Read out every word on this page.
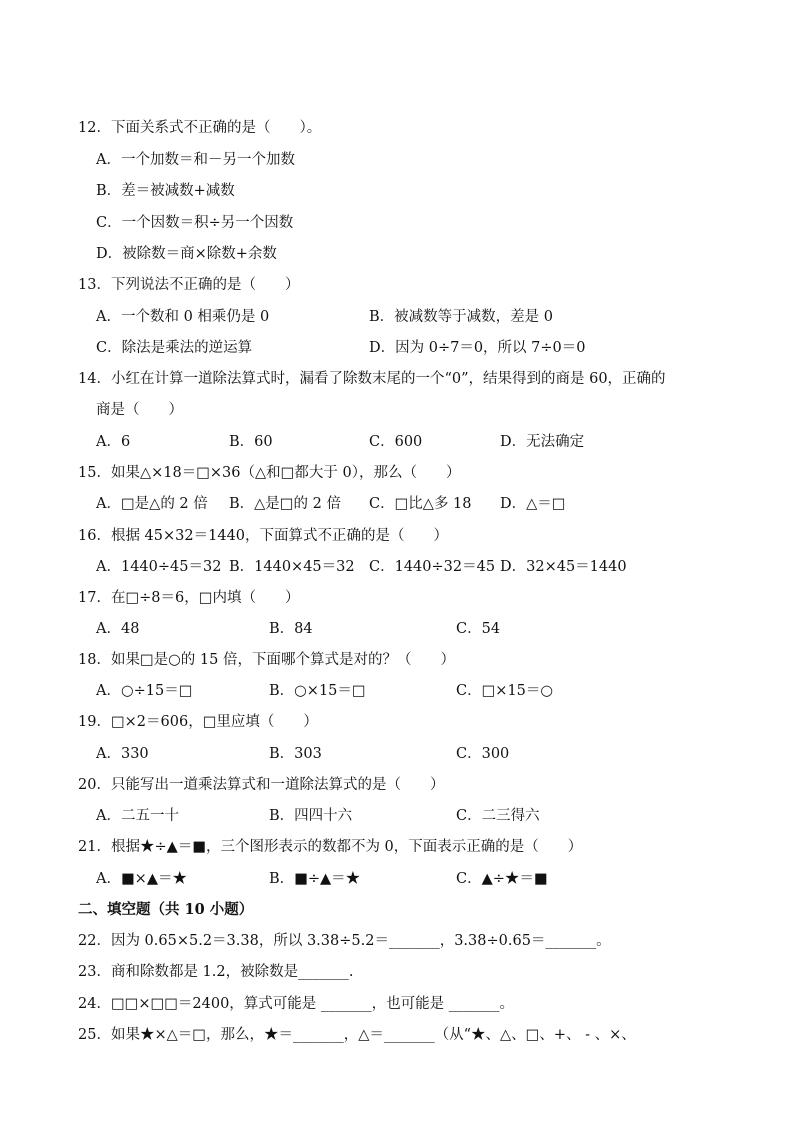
12．下面关系式不正确的是（　　）。
A．一个加数＝和－另一个加数
B．差＝被减数+减数
C．一个因数＝积÷另一个因数
D．被除数＝商×除数+余数
13．下列说法不正确的是（　　）
A．一个数和 0 相乘仍是 0	B．被减数等于减数，差是 0
C．除法是乘法的逆运算	D．因为 0÷7＝0，所以 7÷0＝0
14．小红在计算一道除法算式时，漏看了除数末尾的一个“0”，结果得到的商是 60，正确的
商是（　　）
A．6	B．60	C．600	D．无法确定
15．如果△×18＝□×36（△和□都大于 0），那么（　　）
A．□是△的 2 倍 B．△是□的 2 倍 C．□比△多 18 D．△＝□
16．根据 45×32＝1440，下面算式不正确的是（　　）
A．1440÷45＝32 B．1440×45＝32 C．1440÷32＝45 D．32×45＝1440
17．在□÷8＝6，□内填（　　）
A．48	B．84	C．54
18．如果□是○的 15 倍，下面哪个算式是对的？（　　）
A．○÷15＝□	B．○×15＝□	C．□×15＝○
19．□×2＝606，□里应填（　　）
A．330	B．303	C．300
20．只能写出一道乘法算式和一道除法算式的是（　　）
A．二五一十	B．四四十六	C．二三得六
21．根据★÷▲＝■，三个图形表示的数都不为 0，下面表示正确的是（　　）
A．■×▲＝★	B．■÷▲＝★	C．▲÷★＝■
二、填空题（共 10 小题）
22．因为 0.65×5.2＝3.38，所以 3.38÷5.2＝_______，3.38÷0.65＝_______。
23．商和除数都是 1.2，被除数是_______.
24．□□×□□＝2400，算式可能是 _______，也可能是 _______。
25．如果★×△＝□，那么，★＝_______，△＝_______（从“★、△、□、+、 - 、×、
